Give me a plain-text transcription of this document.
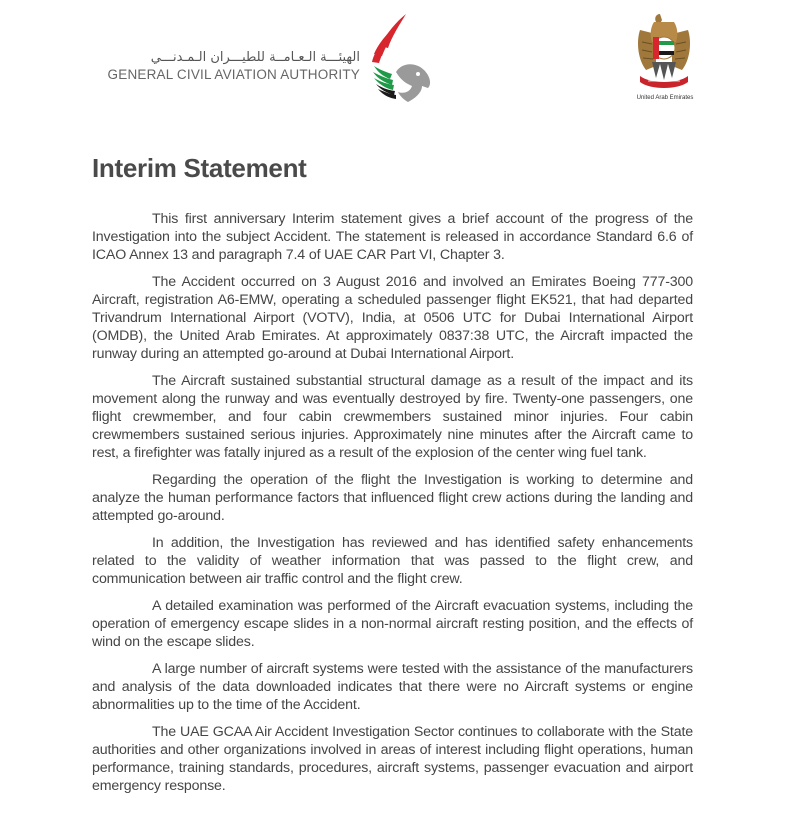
الهيئـــة الـعـامــة للطيـــران الـمـدنـــي
GENERAL CIVIL AVIATION AUTHORITY
United Arab Emirates
Interim Statement

This first anniversary Interim statement gives a brief account of the progress of the Investigation into the subject Accident. The statement is released in accordance Standard 6.6 of ICAO Annex 13 and paragraph 7.4 of UAE CAR Part VI, Chapter 3.

The Accident occurred on 3 August 2016 and involved an Emirates Boeing 777-300 Aircraft, registration A6-EMW, operating a scheduled passenger flight EK521, that had departed Trivandrum International Airport (VOTV), India, at 0506 UTC for Dubai International Airport (OMDB), the United Arab Emirates. At approximately 0837:38 UTC, the Aircraft impacted the runway during an attempted go-around at Dubai International Airport.

The Aircraft sustained substantial structural damage as a result of the impact and its movement along the runway and was eventually destroyed by fire. Twenty-one passengers, one flight crewmember, and four cabin crewmembers sustained minor injuries. Four cabin crewmembers sustained serious injuries. Approximately nine minutes after the Aircraft came to rest, a firefighter was fatally injured as a result of the explosion of the center wing fuel tank.

Regarding the operation of the flight the Investigation is working to determine and analyze the human performance factors that influenced flight crew actions during the landing and attempted go-around.

In addition, the Investigation has reviewed and has identified safety enhancements related to the validity of weather information that was passed to the flight crew, and communication between air traffic control and the flight crew.

A detailed examination was performed of the Aircraft evacuation systems, including the operation of emergency escape slides in a non-normal aircraft resting position, and the effects of wind on the escape slides.

A large number of aircraft systems were tested with the assistance of the manufacturers and analysis of the data downloaded indicates that there were no Aircraft systems or engine abnormalities up to the time of the Accident.

The UAE GCAA Air Accident Investigation Sector continues to collaborate with the State authorities and other organizations involved in areas of interest including flight operations, human performance, training standards, procedures, aircraft systems, passenger evacuation and airport emergency response.
